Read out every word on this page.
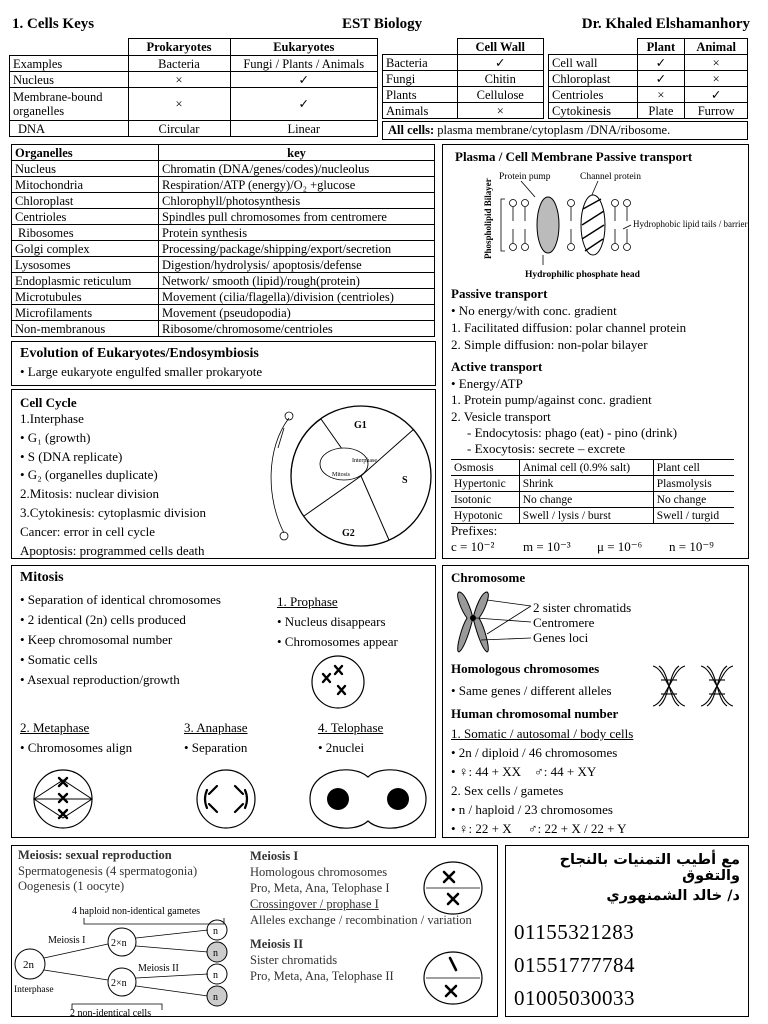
1. Cells Keys	EST Biology	Dr. Khaled Elshamanhory
	Prokaryotes	Eukaryotes
Examples	Bacteria	Fungi / Plants / Animals
Nucleus	×	✓
Membrane-bound organelles	×	✓
DNA	Circular	Linear
	Cell Wall
Bacteria	✓
Fungi	Chitin
Plants	Cellulose
Animals	×
	Plant	Animal
Cell wall	✓	×
Chloroplast	✓	×
Centrioles	×	✓
Cytokinesis	Plate	Furrow
All cells: plasma membrane/cytoplasm /DNA/ribosome.
Organelles	key
Nucleus	Chromatin (DNA/genes/codes)/nucleolus
Mitochondria	Respiration/ATP (energy)/O₂ +glucose
Chloroplast	Chlorophyll/photosynthesis
Centrioles	Spindles pull chromosomes from centromere
Ribosomes	Protein synthesis
Golgi complex	Processing/package/shipping/export/secretion
Lysosomes	Digestion/hydrolysis/ apoptosis/defense
Endoplasmic reticulum	Network/ smooth (lipid)/rough(protein)
Microtubules	Movement (cilia/flagella)/division (centrioles)
Microfilaments	Movement (pseudopodia)
Non-membranous	Ribosome/chromosome/centrioles
Evolution of Eukaryotes/Endosymbiosis
• Large eukaryote engulfed smaller prokaryote
Cell Cycle
1.Interphase
• G₁ (growth)
• S (DNA replicate)
• G₂ (organelles duplicate)
2.Mitosis: nuclear division
3.Cytokinesis: cytoplasmic division
Cancer: error in cell cycle
Apoptosis: programmed cells death
G1
S
G2
Interphase
Mitosis
Plasma / Cell Membrane Passive transport
Protein pump	Channel protein
Phospholipid Bilayer	Hydrophobic lipid tails / barrier
Hydrophilic phosphate head
Passive transport
• No energy/with conc. gradient
1. Facilitated diffusion: polar channel protein
2. Simple diffusion: non-polar bilayer
Active transport
• Energy/ATP
1. Protein pump/against conc. gradient
2. Vesicle transport
- Endocytosis: phago (eat) - pino (drink)
- Exocytosis: secrete – excrete
Osmosis	Animal cell (0.9% salt)	Plant cell
Hypertonic	Shrink	Plasmolysis
Isotonic	No change	No change
Hypotonic	Swell / lysis / burst	Swell / turgid
Prefixes:
c = 10⁻² m = 10⁻³ μ = 10⁻⁶ n = 10⁻⁹
Mitosis
• Separation of identical chromosomes
• 2 identical (2n) cells produced
• Keep chromosomal number
• Somatic cells
• Asexual reproduction/growth
1. Prophase
• Nucleus disappears
• Chromosomes appear
2. Metaphase
• Chromosomes align
3. Anaphase
• Separation
4. Telophase
• 2nuclei
Chromosome
2 sister chromatids
Centromere
Genes loci
Homologous chromosomes
• Same genes / different alleles
Human chromosomal number
1. Somatic / autosomal / body cells
• 2n / diploid / 46 chromosomes
• ♀: 44 + XX    ♂: 44 + XY
2. Sex cells / gametes
• n / haploid / 23 chromosomes
• ♀: 22 + X     ♂: 22 + X / 22 + Y
Meiosis: sexual reproduction
Spermatogenesis (4 spermatogonia)
Oogenesis (1 oocyte)
4 haploid non-identical gametes
2n
Interphase
Meiosis I
Meiosis II
2×n
2×n
n
n
n
n
2 non-identical cells
Meiosis I
Homologous chromosomes
Pro, Meta, Ana, Telophase I
Crossingover / prophase I
Alleles exchange / recombination / variation
Meiosis II
Sister chromatids
Pro, Meta, Ana, Telophase II
مع أطيب التمنيات بالنجاح والتفوق
د/ خالد الشمنهوري
01155321283
01551777784
01005030033
